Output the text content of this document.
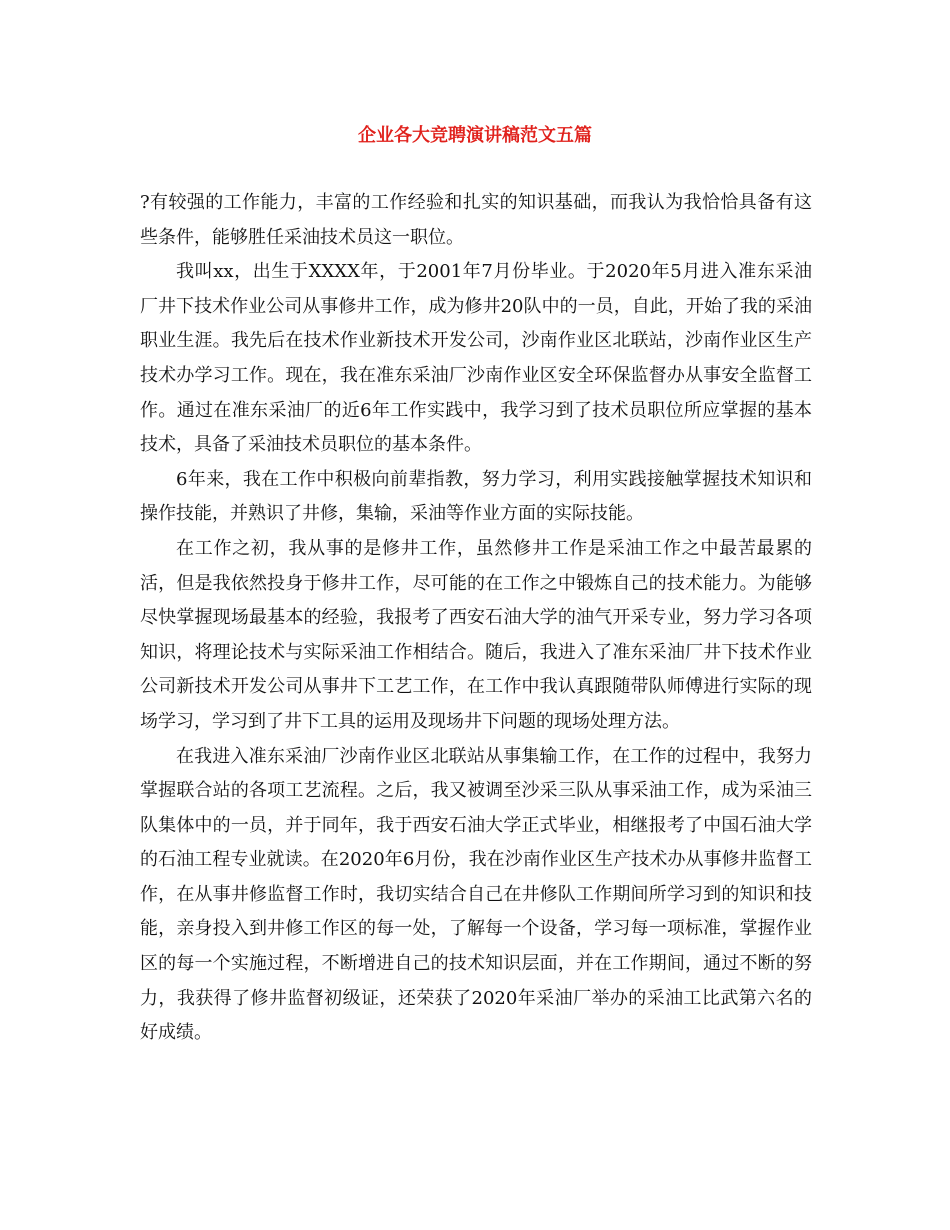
企业各大竞聘演讲稿范文五篇

?有较强的工作能力，丰富的工作经验和扎实的知识基础，而我认为我恰恰具备有这些条件，能够胜任采油技术员这一职位。

我叫xx，出生于XXXX年，于2001年7月份毕业。于2020年5月进入准东采油厂井下技术作业公司从事修井工作，成为修井20队中的一员，自此，开始了我的采油职业生涯。我先后在技术作业新技术开发公司，沙南作业区北联站，沙南作业区生产技术办学习工作。现在，我在准东采油厂沙南作业区安全环保监督办从事安全监督工作。通过在准东采油厂的近6年工作实践中，我学习到了技术员职位所应掌握的基本技术，具备了采油技术员职位的基本条件。

6年来，我在工作中积极向前辈指教，努力学习，利用实践接触掌握技术知识和操作技能，并熟识了井修，集输，采油等作业方面的实际技能。

在工作之初，我从事的是修井工作，虽然修井工作是采油工作之中最苦最累的活，但是我依然投身于修井工作，尽可能的在工作之中锻炼自己的技术能力。为能够尽快掌握现场最基本的经验，我报考了西安石油大学的油气开采专业，努力学习各项知识，将理论技术与实际采油工作相结合。随后，我进入了准东采油厂井下技术作业公司新技术开发公司从事井下工艺工作，在工作中我认真跟随带队师傅进行实际的现场学习，学习到了井下工具的运用及现场井下问题的现场处理方法。

在我进入准东采油厂沙南作业区北联站从事集输工作，在工作的过程中，我努力掌握联合站的各项工艺流程。之后，我又被调至沙采三队从事采油工作，成为采油三队集体中的一员，并于同年，我于西安石油大学正式毕业，相继报考了中国石油大学的石油工程专业就读。在2020年6月份，我在沙南作业区生产技术办从事修井监督工作，在从事井修监督工作时，我切实结合自己在井修队工作期间所学习到的知识和技能，亲身投入到井修工作区的每一处，了解每一个设备，学习每一项标准，掌握作业区的每一个实施过程，不断增进自己的技术知识层面，并在工作期间，通过不断的努力，我获得了修井监督初级证，还荣获了2020年采油厂举办的采油工比武第六名的好成绩。
